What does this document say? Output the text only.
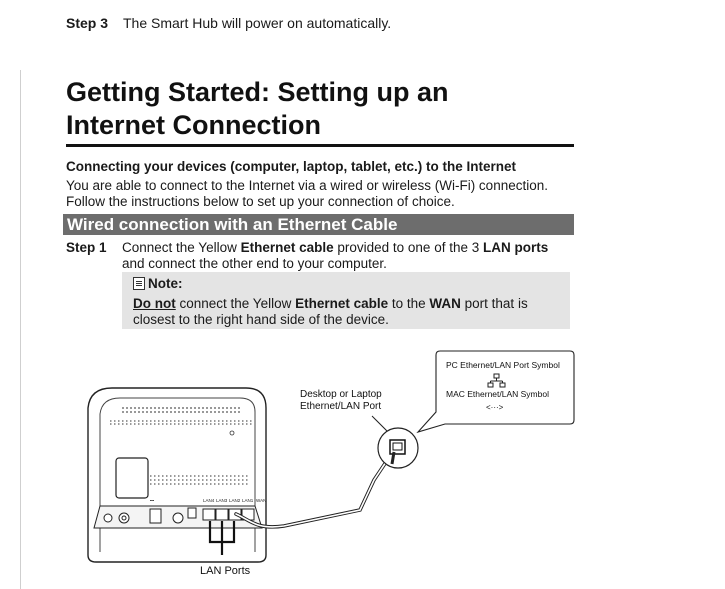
Step 3 The Smart Hub will power on automatically.
Getting Started: Setting up an
Internet Connection
Connecting your devices (computer, laptop, tablet, etc.) to the Internet
You are able to connect to the Internet via a wired or wireless (Wi-Fi) connection.
Follow the instructions below to set up your connection of choice.
Wired connection with an Ethernet Cable
Step 1 Connect the Yellow Ethernet cable provided to one of the 3 LAN ports
and connect the other end to your computer.
Note:
Do not connect the Yellow Ethernet cable to the WAN port that is
closest to the right hand side of the device.
LAN4 LAN3 LAN2 LAN1 WAN
⎓
Desktop or Laptop
Ethernet/LAN Port
PC Ethernet/LAN Port Symbol
MAC Ethernet/LAN Symbol
<···>
LAN Ports
